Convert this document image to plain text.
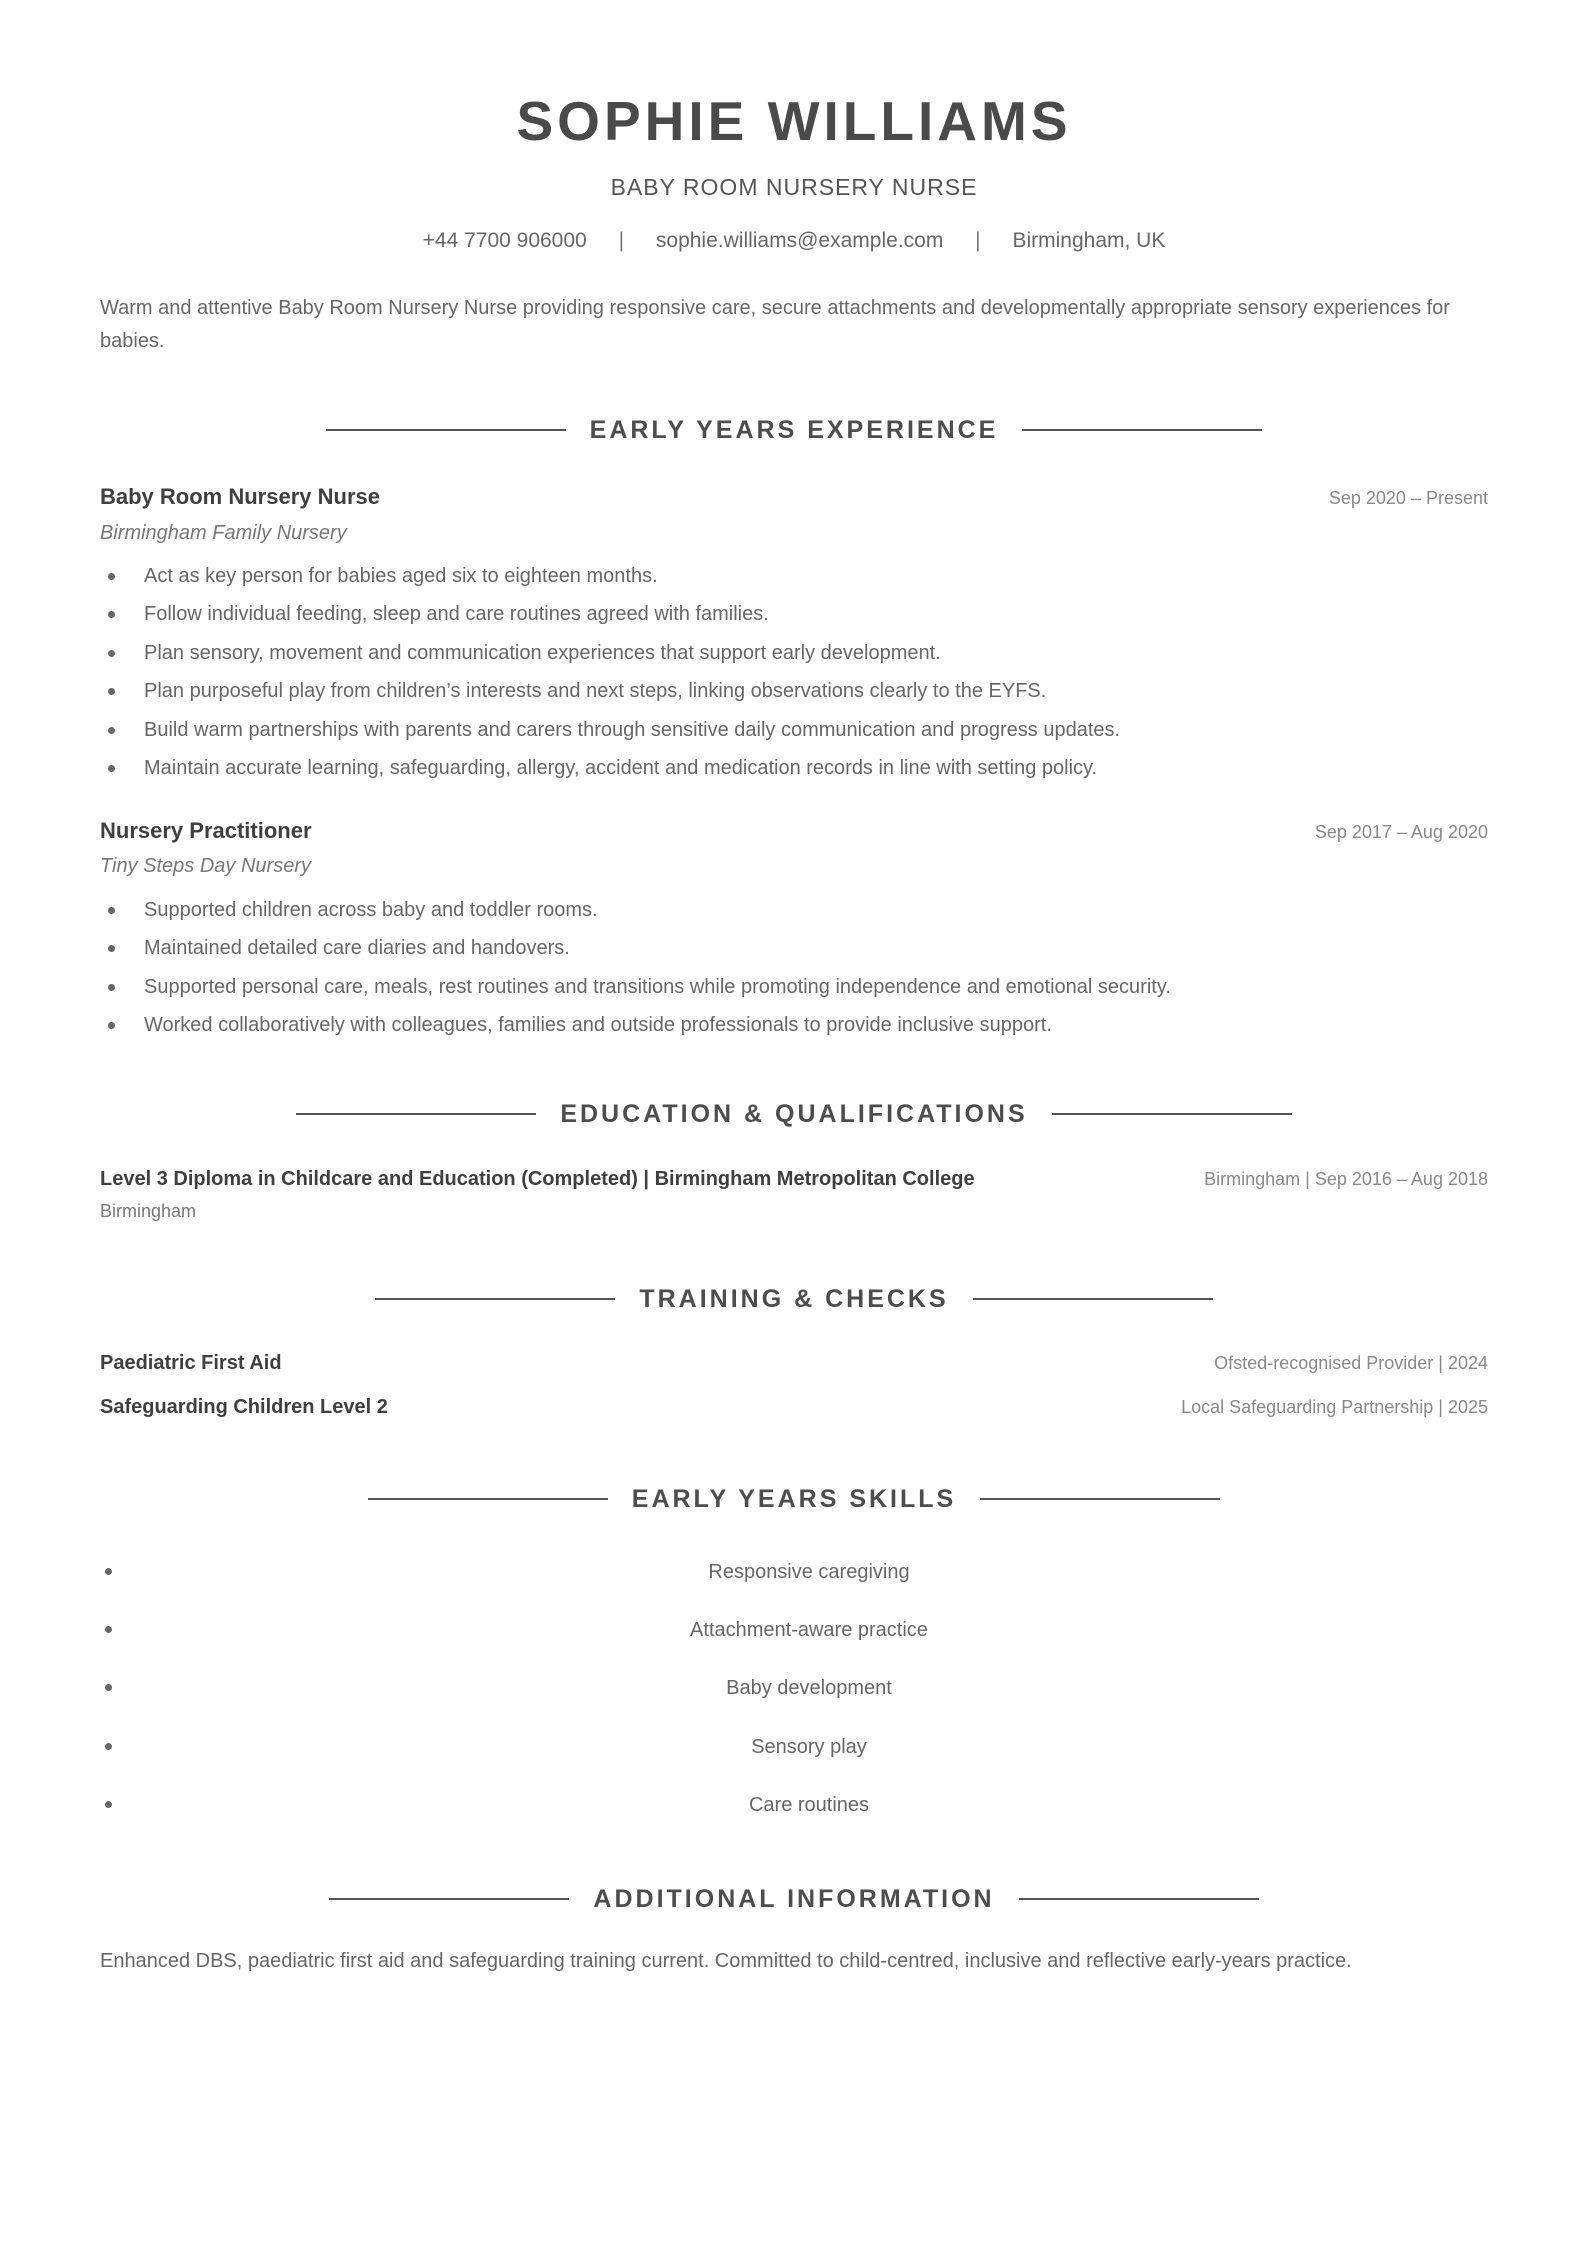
SOPHIE WILLIAMS
BABY ROOM NURSERY NURSE
+44 7700 906000 | sophie.williams@example.com | Birmingham, UK
Warm and attentive Baby Room Nursery Nurse providing responsive care, secure attachments and developmentally appropriate sensory experiences for babies.
EARLY YEARS EXPERIENCE
Baby Room Nursery Nurse	Sep 2020 – Present
Birmingham Family Nursery
Act as key person for babies aged six to eighteen months.
Follow individual feeding, sleep and care routines agreed with families.
Plan sensory, movement and communication experiences that support early development.
Plan purposeful play from children’s interests and next steps, linking observations clearly to the EYFS.
Build warm partnerships with parents and carers through sensitive daily communication and progress updates.
Maintain accurate learning, safeguarding, allergy, accident and medication records in line with setting policy.
Nursery Practitioner	Sep 2017 – Aug 2020
Tiny Steps Day Nursery
Supported children across baby and toddler rooms.
Maintained detailed care diaries and handovers.
Supported personal care, meals, rest routines and transitions while promoting independence and emotional security.
Worked collaboratively with colleagues, families and outside professionals to provide inclusive support.
EDUCATION & QUALIFICATIONS
Level 3 Diploma in Childcare and Education (Completed) | Birmingham Metropolitan College	Birmingham | Sep 2016 – Aug 2018
Birmingham
TRAINING & CHECKS
Paediatric First Aid	Ofsted-recognised Provider | 2024
Safeguarding Children Level 2	Local Safeguarding Partnership | 2025
EARLY YEARS SKILLS
Responsive caregiving
Attachment-aware practice
Baby development
Sensory play
Care routines
ADDITIONAL INFORMATION
Enhanced DBS, paediatric first aid and safeguarding training current. Committed to child-centred, inclusive and reflective early-years practice.
